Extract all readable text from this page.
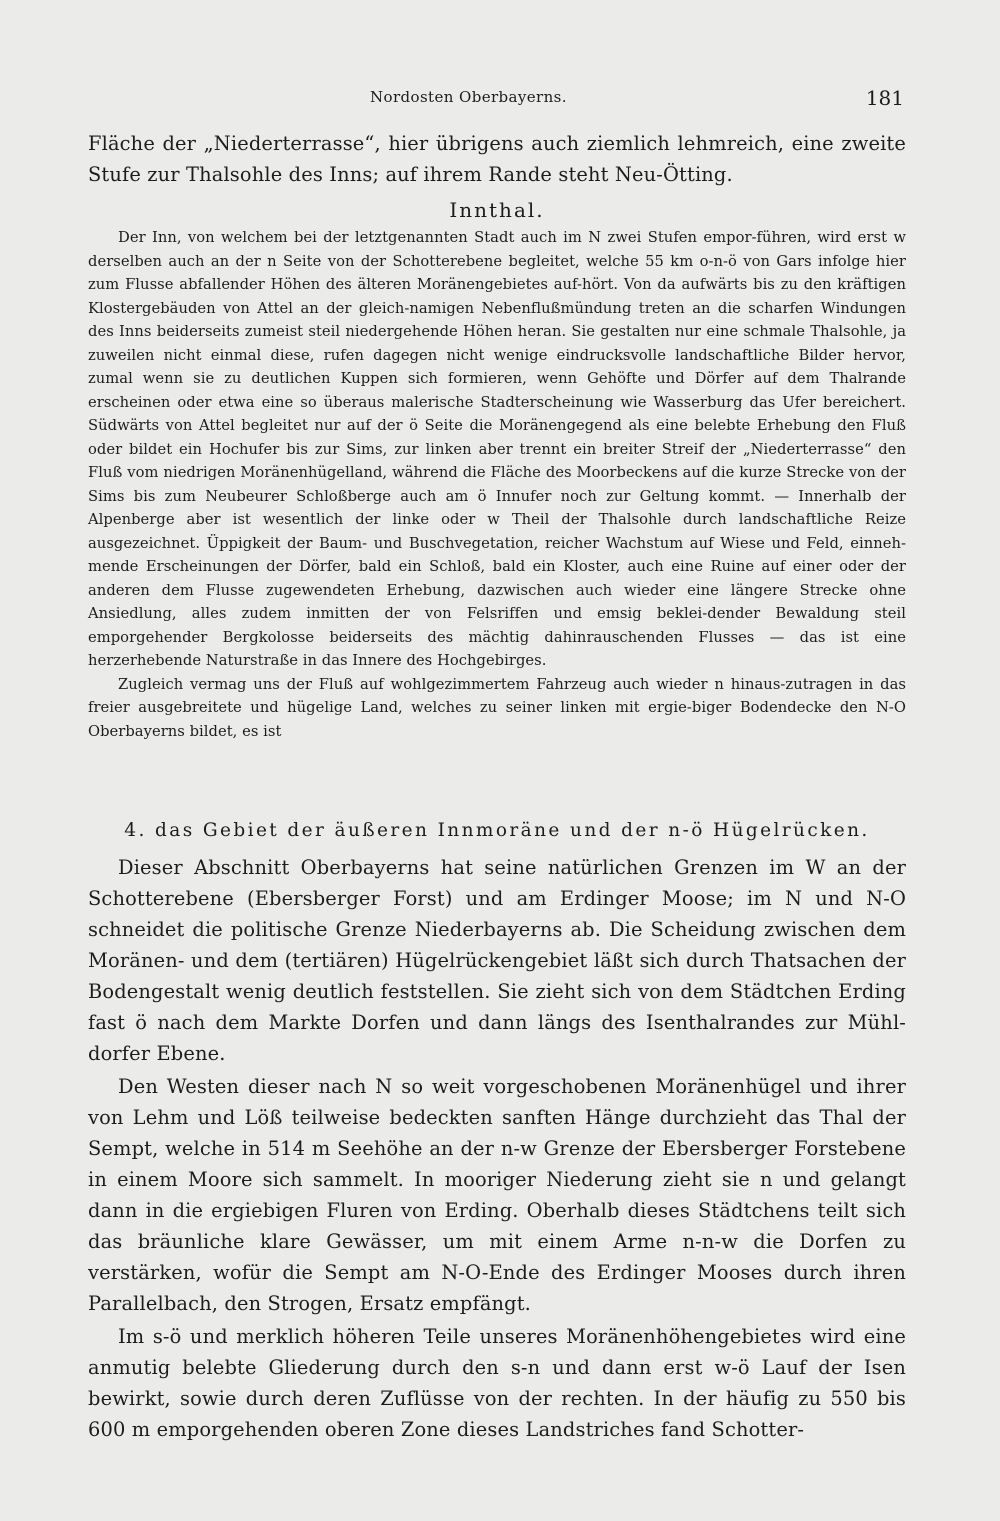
Nordosten Oberbayerns.	181

Fläche der „Niederterrasse“, hier übrigens auch ziemlich lehmreich, eine zweite Stufe zur Thalsohle des Inns; auf ihrem Rande steht Neu-Ötting.

Innthal.

Der Inn, von welchem bei der letztgenannten Stadt auch im N zwei Stufen empor-führen, wird erst w derselben auch an der n Seite von der Schotterebene begleitet, welche 55 km o-n-ö von Gars infolge hier zum Flusse abfallender Höhen des älteren Moränengebietes auf-hört. Von da aufwärts bis zu den kräftigen Klostergebäuden von Attel an der gleich-namigen Nebenflußmündung treten an die scharfen Windungen des Inns beiderseits zumeist steil niedergehende Höhen heran. Sie gestalten nur eine schmale Thalsohle, ja zuweilen nicht einmal diese, rufen dagegen nicht wenige eindrucksvolle landschaftliche Bilder hervor, zumal wenn sie zu deutlichen Kuppen sich formieren, wenn Gehöfte und Dörfer auf dem Thalrande erscheinen oder etwa eine so überaus malerische Stadterscheinung wie Wasserburg das Ufer bereichert. Südwärts von Attel begleitet nur auf der ö Seite die Moränengegend als eine belebte Erhebung den Fluß oder bildet ein Hochufer bis zur Sims, zur linken aber trennt ein breiter Streif der „Niederterrasse“ den Fluß vom niedrigen Moränenhügelland, während die Fläche des Moorbeckens auf die kurze Strecke von der Sims bis zum Neubeurer Schloßberge auch am ö Innufer noch zur Geltung kommt. — Innerhalb der Alpenberge aber ist wesentlich der linke oder w Theil der Thalsohle durch landschaftliche Reize ausgezeichnet. Üppigkeit der Baum- und Buschvegetation, reicher Wachstum auf Wiese und Feld, einneh-mende Erscheinungen der Dörfer, bald ein Schloß, bald ein Kloster, auch eine Ruine auf einer oder der anderen dem Flusse zugewendeten Erhebung, dazwischen auch wieder eine längere Strecke ohne Ansiedlung, alles zudem inmitten der von Felsriffen und emsig beklei-dender Bewaldung steil emporgehender Bergkolosse beiderseits des mächtig dahinrauschenden Flusses — das ist eine herzerhebende Naturstraße in das Innere des Hochgebirges.

Zugleich vermag uns der Fluß auf wohlgezimmertem Fahrzeug auch wieder n hinaus-zutragen in das freier ausgebreitete und hügelige Land, welches zu seiner linken mit ergie-biger Bodendecke den N-O Oberbayerns bildet, es ist

4. das Gebiet der äußeren Innmoräne und der n-ö Hügelrücken.

Dieser Abschnitt Oberbayerns hat seine natürlichen Grenzen im W an der Schotterebene (Ebersberger Forst) und am Erdinger Moose; im N und N-O schneidet die politische Grenze Niederbayerns ab. Die Scheidung zwischen dem Moränen- und dem (tertiären) Hügelrückengebiet läßt sich durch Thatsachen der Bodengestalt wenig deutlich feststellen. Sie zieht sich von dem Städtchen Erding fast ö nach dem Markte Dorfen und dann längs des Isenthalrandes zur Mühl-dorfer Ebene.

Den Westen dieser nach N so weit vorgeschobenen Moränenhügel und ihrer von Lehm und Löß teilweise bedeckten sanften Hänge durchzieht das Thal der Sempt, welche in 514 m Seehöhe an der n-w Grenze der Ebersberger Forstebene in einem Moore sich sammelt. In mooriger Niederung zieht sie n und gelangt dann in die ergiebigen Fluren von Erding. Oberhalb dieses Städtchens teilt sich das bräunliche klare Gewässer, um mit einem Arme n-n-w die Dorfen zu verstärken, wofür die Sempt am N-O-Ende des Erdinger Mooses durch ihren Parallelbach, den Strogen, Ersatz empfängt.

Im s-ö und merklich höheren Teile unseres Moränenhöhengebietes wird eine anmutig belebte Gliederung durch den s-n und dann erst w-ö Lauf der Isen bewirkt, sowie durch deren Zuflüsse von der rechten. In der häufig zu 550 bis 600 m emporgehenden oberen Zone dieses Landstriches fand Schotter-
